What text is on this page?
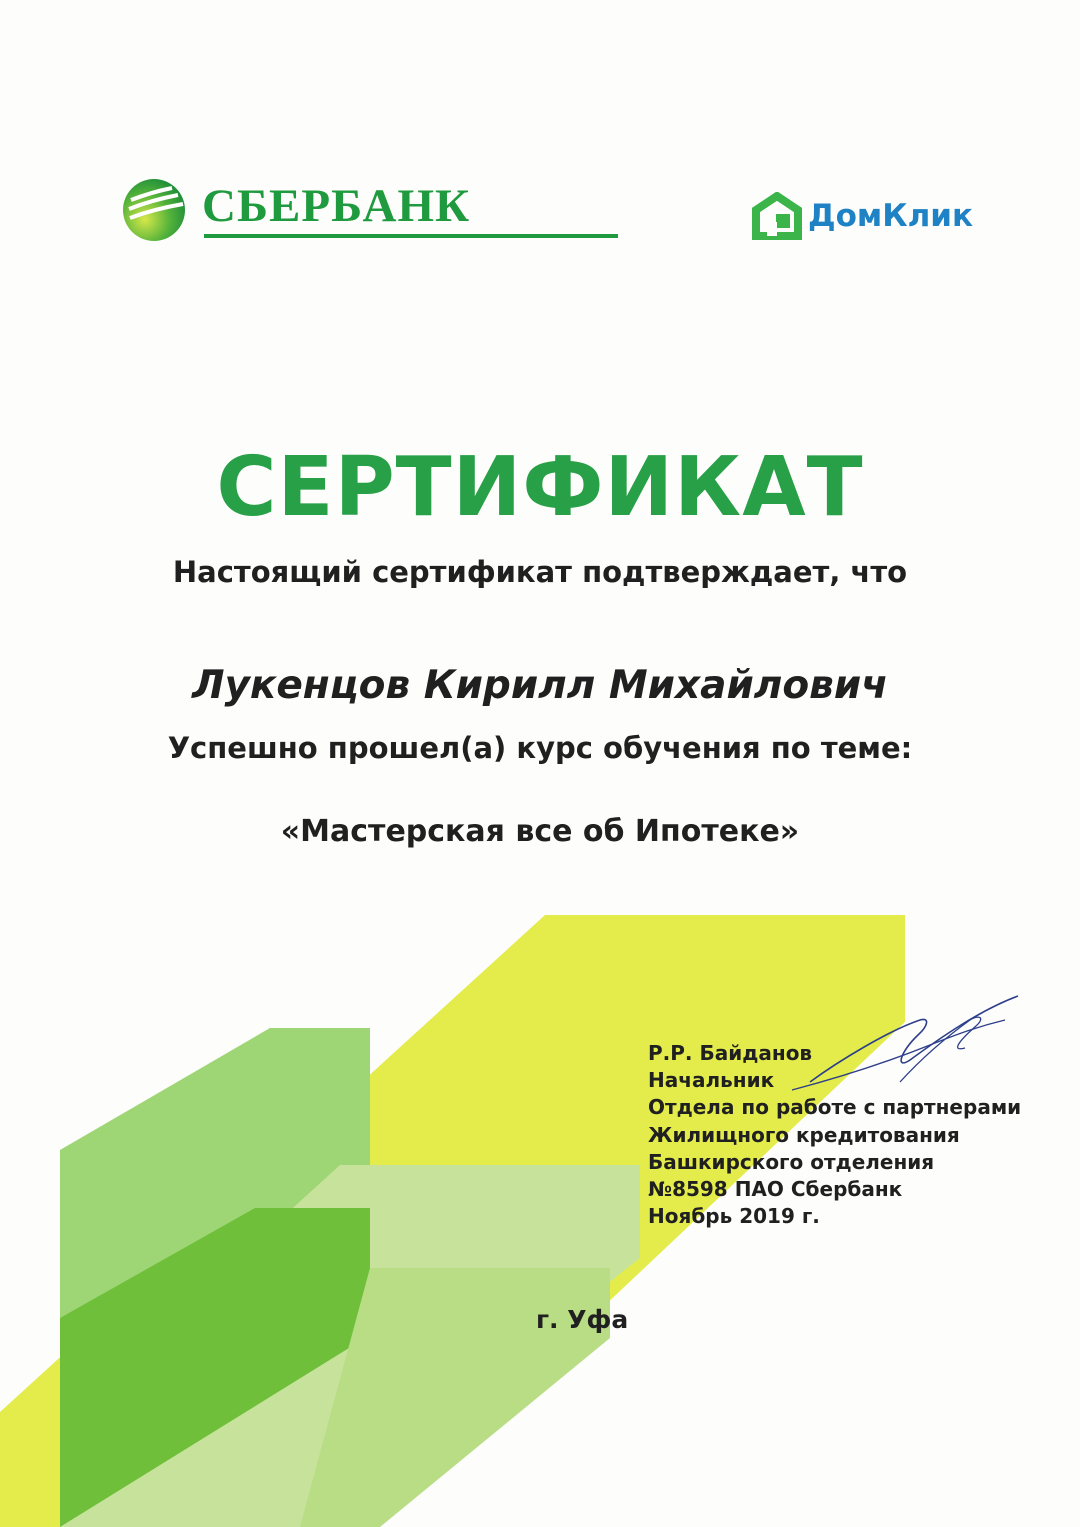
СБЕРБАНК	ДомКлик
СЕРТИФИКАТ
Настоящий сертификат подтверждает, что
Лукенцов Кирилл Михайлович
Успешно прошел(а) курс обучения по теме:
«Мастерская все об Ипотеке»
Р.Р. Байданов
Начальник
Отдела по работе с партнерами
Жилищного кредитования
Башкирского отделения
№8598 ПАО Сбербанк
Ноябрь 2019 г.
г. Уфа
